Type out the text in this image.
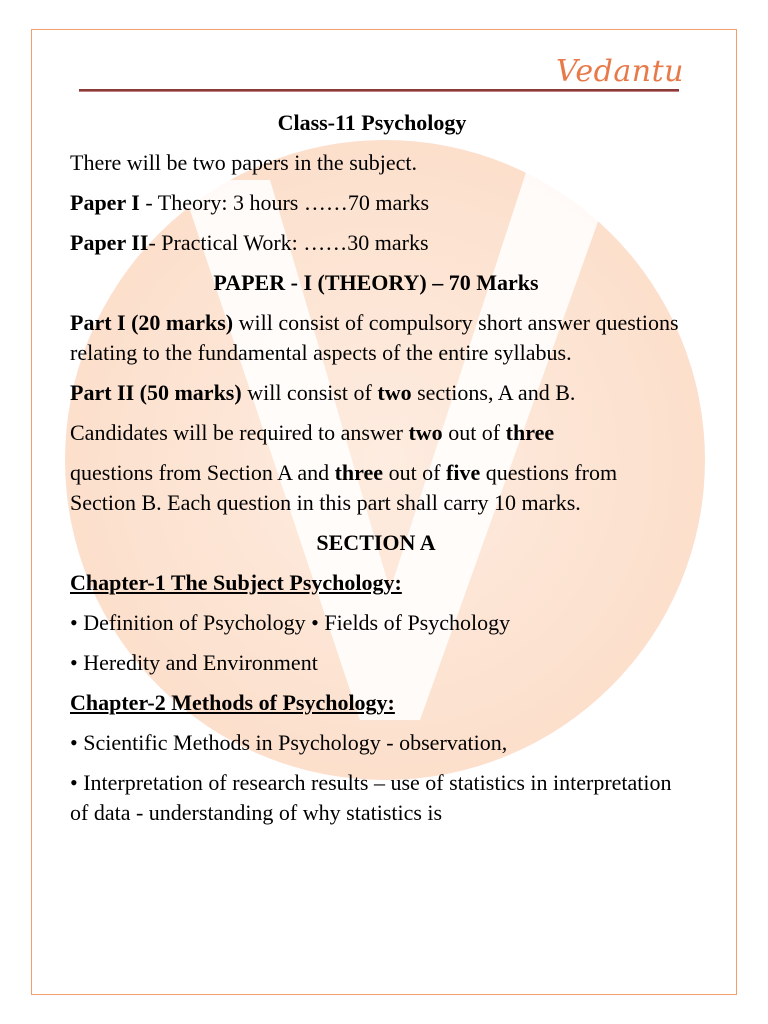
Vedantu

Class-11 Psychology

There will be two papers in the subject.

Paper I - Theory: 3 hours ……70 marks

Paper II- Practical Work: ……30 marks

PAPER - I (THEORY) – 70 Marks

Part I (20 marks) will consist of compulsory short answer questions relating to the fundamental aspects of the entire syllabus.

Part II (50 marks) will consist of two sections, A and B.

Candidates will be required to answer two out of three

questions from Section A and three out of five questions from Section B. Each question in this part shall carry 10 marks.

SECTION A

Chapter-1 The Subject Psychology:

• Definition of Psychology • Fields of Psychology

• Heredity and Environment

Chapter-2 Methods of Psychology:

• Scientific Methods in Psychology - observation,

• Interpretation of research results – use of statistics in interpretation of data - understanding of why statistics is
